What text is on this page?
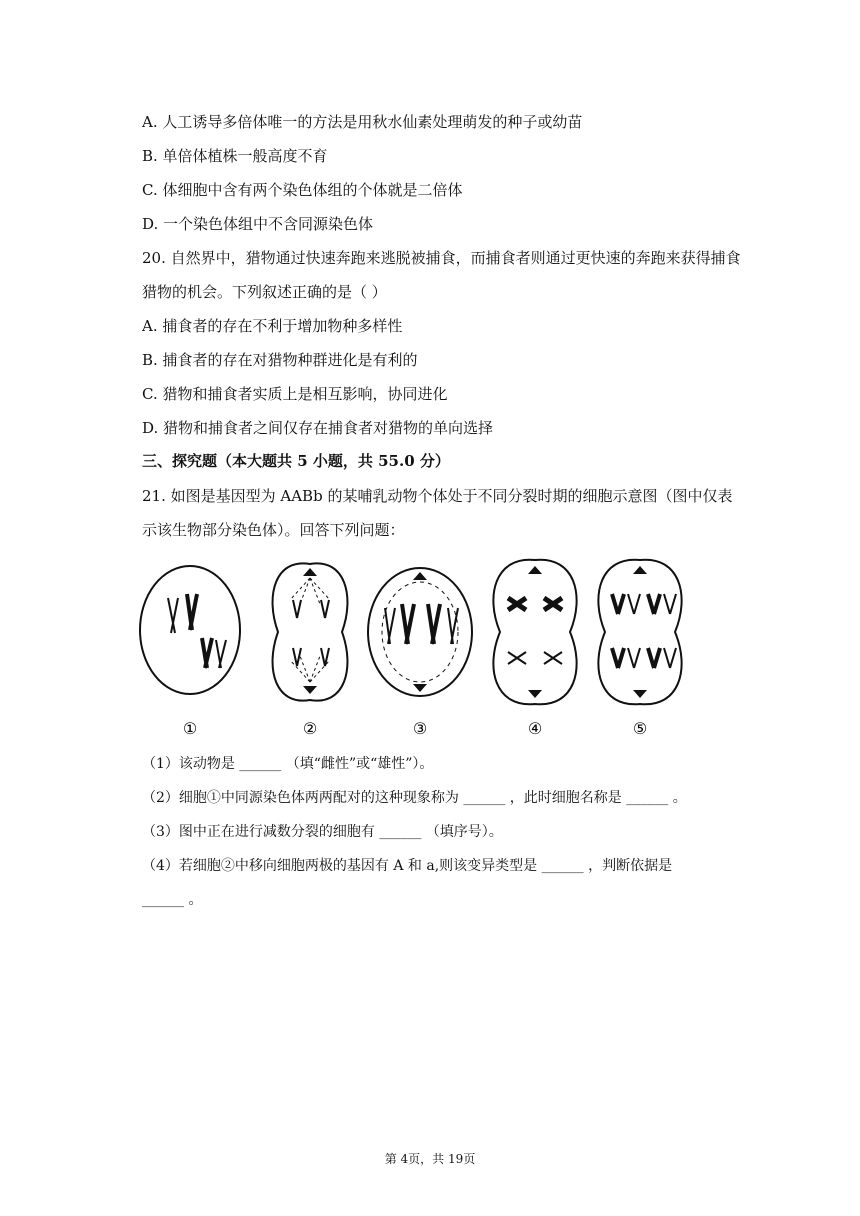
A. 人工诱导多倍体唯一的方法是用秋水仙素处理萌发的种子或幼苗
B. 单倍体植株一般高度不育
C. 体细胞中含有两个染色体组的个体就是二倍体
D. 一个染色体组中不含同源染色体
20. 自然界中，猎物通过快速奔跑来逃脱被捕食，而捕食者则通过更快速的奔跑来获得捕食
猎物的机会。下列叙述正确的是（ ）
A. 捕食者的存在不利于增加物种多样性
B. 捕食者的存在对猎物种群进化是有利的
C. 猎物和捕食者实质上是相互影响，协同进化
D. 猎物和捕食者之间仅存在捕食者对猎物的单向选择
三、探究题（本大题共 5 小题，共 55.0 分）
21. 如图是基因型为 AABb 的某哺乳动物个体处于不同分裂时期的细胞示意图（图中仅表
示该生物部分染色体）。回答下列问题：
①	②	③	④	⑤
（1）该动物是 ______ （填“雌性”或“雄性”）。
（2）细胞①中同源染色体两两配对的这种现象称为 ______ ，此时细胞名称是 ______ 。
（3）图中正在进行减数分裂的细胞有 ______ （填序号）。
（4）若细胞②中移向细胞两极的基因有 A 和 a,则该变异类型是 ______ ，判断依据是
______ 。
第 4页，共 19页
